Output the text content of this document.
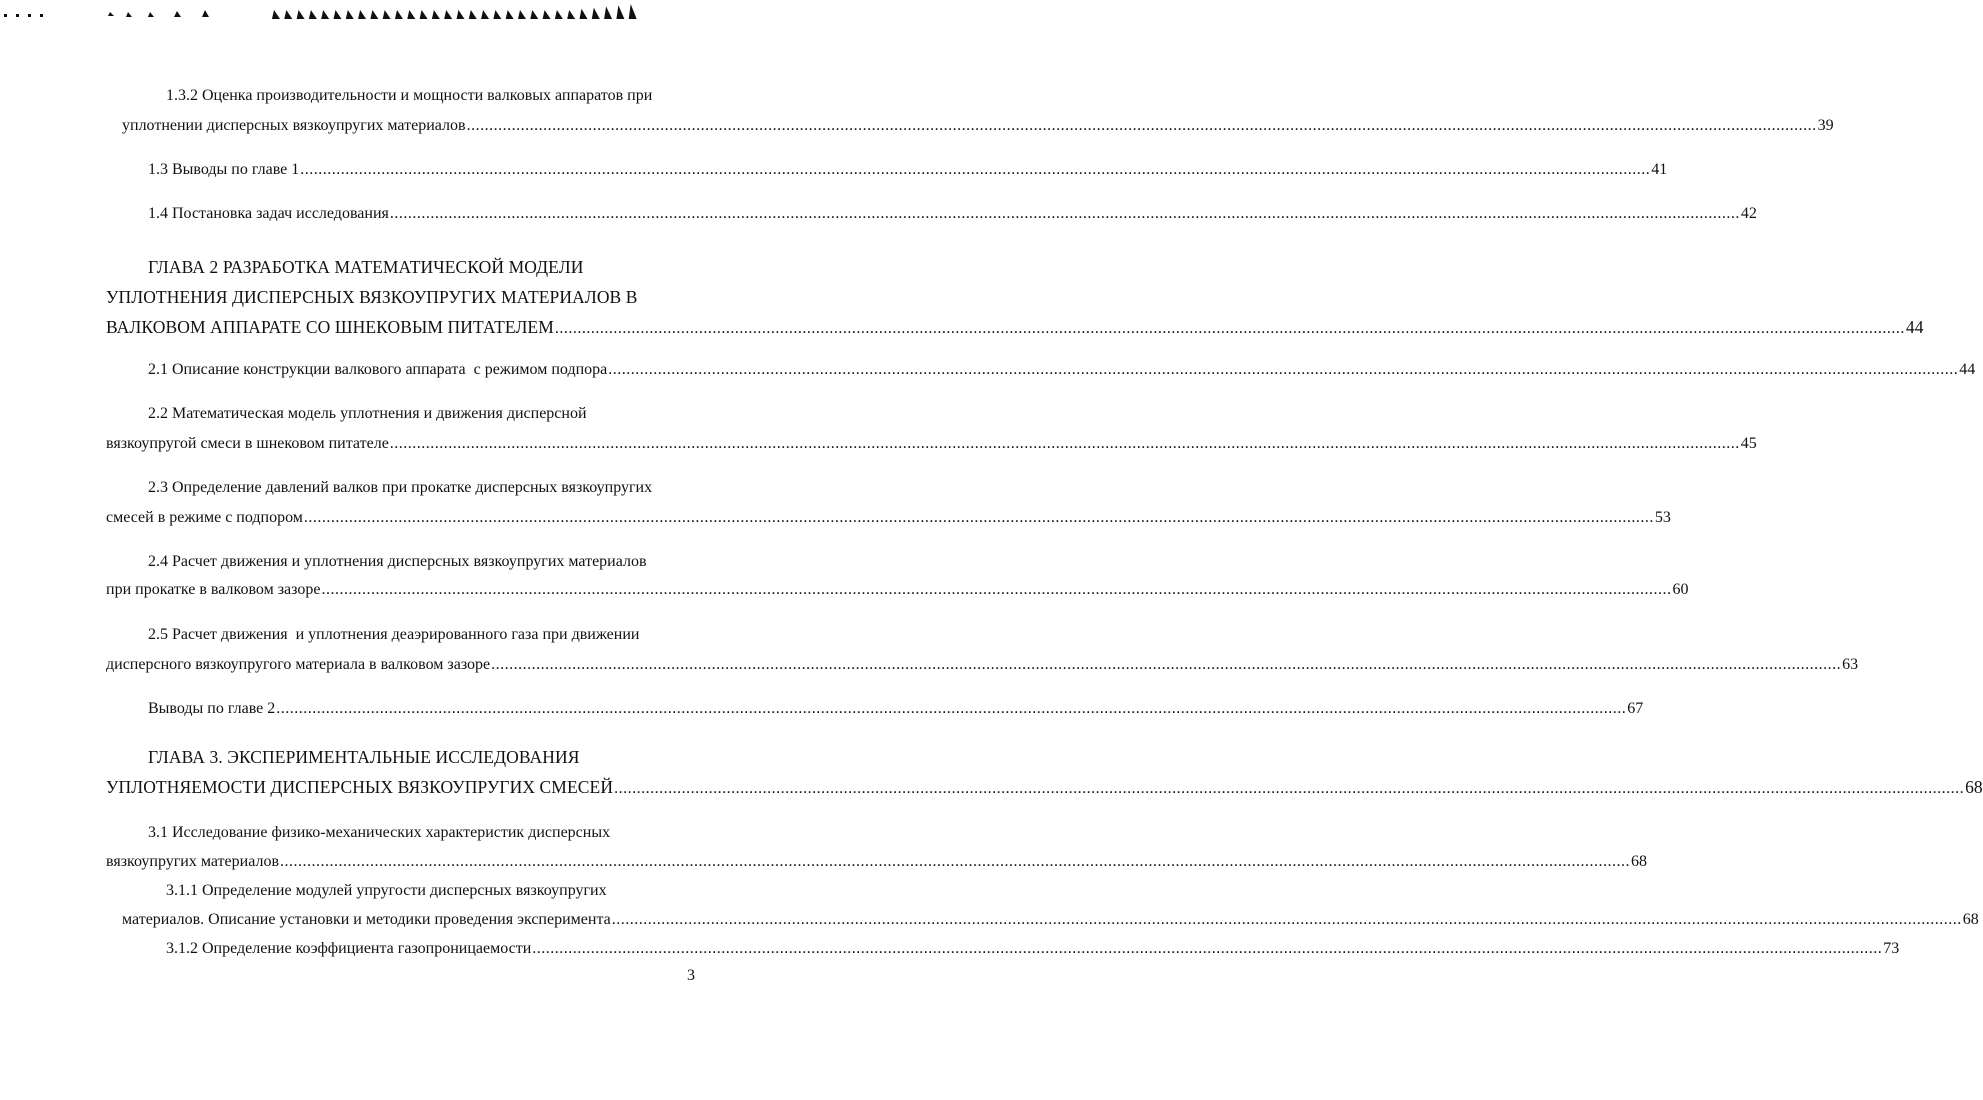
1.3.2 Оценка производительности и мощности валковых аппаратов при
уплотнении дисперсных вязкоупругих материалов ............................................................................................................................................................................................................................................................................................................ 39
1.3 Выводы по главе 1 ............................................................................................................................................................................................................................................................................................................ 41
1.4 Постановка задач исследования ............................................................................................................................................................................................................................................................................................................ 42
ГЛАВА 2 РАЗРАБОТКА МАТЕМАТИЧЕСКОЙ МОДЕЛИ
УПЛОТНЕНИЯ ДИСПЕРСНЫХ ВЯЗКОУПРУГИХ МАТЕРИАЛОВ В
ВАЛКОВОМ АППАРАТЕ СО ШНЕКОВЫМ ПИТАТЕЛЕМ ............................................................................................................................................................................................................................................................................................................ 44
2.1 Описание конструкции валкового аппарата  с режимом подпора ............................................................................................................................................................................................................................................................................................................ 44
2.2 Математическая модель уплотнения и движения дисперсной
вязкоупругой смеси в шнековом питателе ............................................................................................................................................................................................................................................................................................................ 45
2.3 Определение давлений валков при прокатке дисперсных вязкоупругих
смесей в режиме с подпором ............................................................................................................................................................................................................................................................................................................ 53
2.4 Расчет движения и уплотнения дисперсных вязкоупругих материалов
при прокатке в валковом зазоре ............................................................................................................................................................................................................................................................................................................ 60
2.5 Расчет движения  и уплотнения деаэрированного газа при движении
дисперсного вязкоупругого материала в валковом зазоре ............................................................................................................................................................................................................................................................................................................ 63
Выводы по главе 2 ............................................................................................................................................................................................................................................................................................................ 67
ГЛАВА 3. ЭКСПЕРИМЕНТАЛЬНЫЕ ИССЛЕДОВАНИЯ
УПЛОТНЯЕМОСТИ ДИСПЕРСНЫХ ВЯЗКОУПРУГИХ СМЕСЕЙ ............................................................................................................................................................................................................................................................................................................ 68
3.1 Исследование физико-механических характеристик дисперсных
вязкоупругих материалов ............................................................................................................................................................................................................................................................................................................ 68
3.1.1 Определение модулей упругости дисперсных вязкоупругих
материалов. Описание установки и методики проведения эксперимента ............................................................................................................................................................................................................................................................................................................ 68
3.1.2 Определение коэффициента газопроницаемости ............................................................................................................................................................................................................................................................................................................ 73
3
